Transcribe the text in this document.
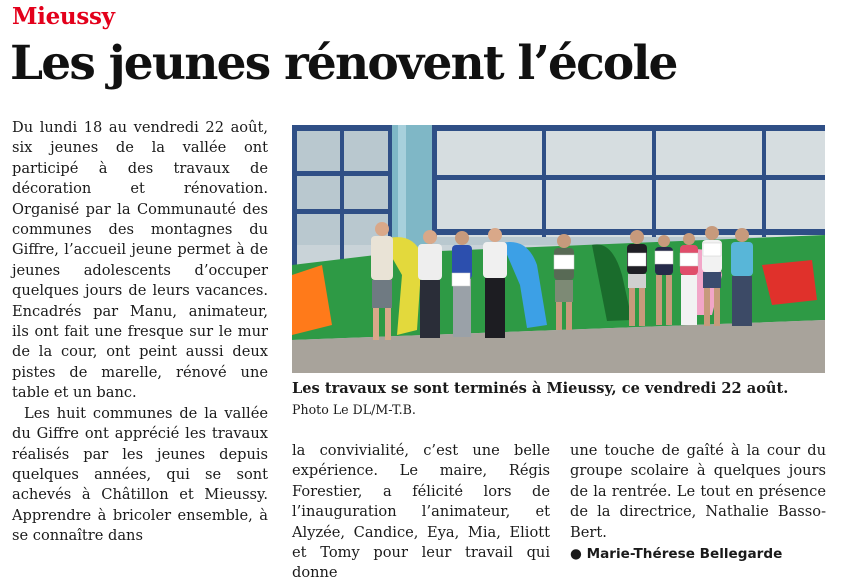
Mieussy
Les jeunes rénovent l’école

Du lundi 18 au vendredi 22 août, six jeunes de la vallée ont participé à des travaux de décoration et rénovation. Organisé par la Communauté des communes des montagnes du Giffre, l’accueil jeune permet à de jeunes adolescents d’occuper quelques jours de leurs vacances. Encadrés par Manu, animateur, ils ont fait une fresque sur le mur de la cour, ont peint aussi deux pistes de marelle, rénové une table et un banc.

Les huit communes de la vallée du Giffre ont apprécié les travaux réalisés par les jeunes depuis quelques années, qui se sont achevés à Châtillon et Mieussy. Apprendre à bricoler ensemble, à se connaître dans

Les travaux se sont terminés à Mieussy, ce vendredi 22 août. Photo Le DL/M-T.B.

la convivialité, c’est une belle expérience. Le maire, Régis Forestier, a félicité lors de l’inauguration l’animateur, et Alyzée, Candice, Eya, Mia, Eliott et Tomy pour leur travail qui donne

une touche de gaîté à la cour du groupe scolaire à quelques jours de la rentrée. Le tout en présence de la directrice, Nathalie Basso-Bert.

● Marie-Thérese Bellegarde
